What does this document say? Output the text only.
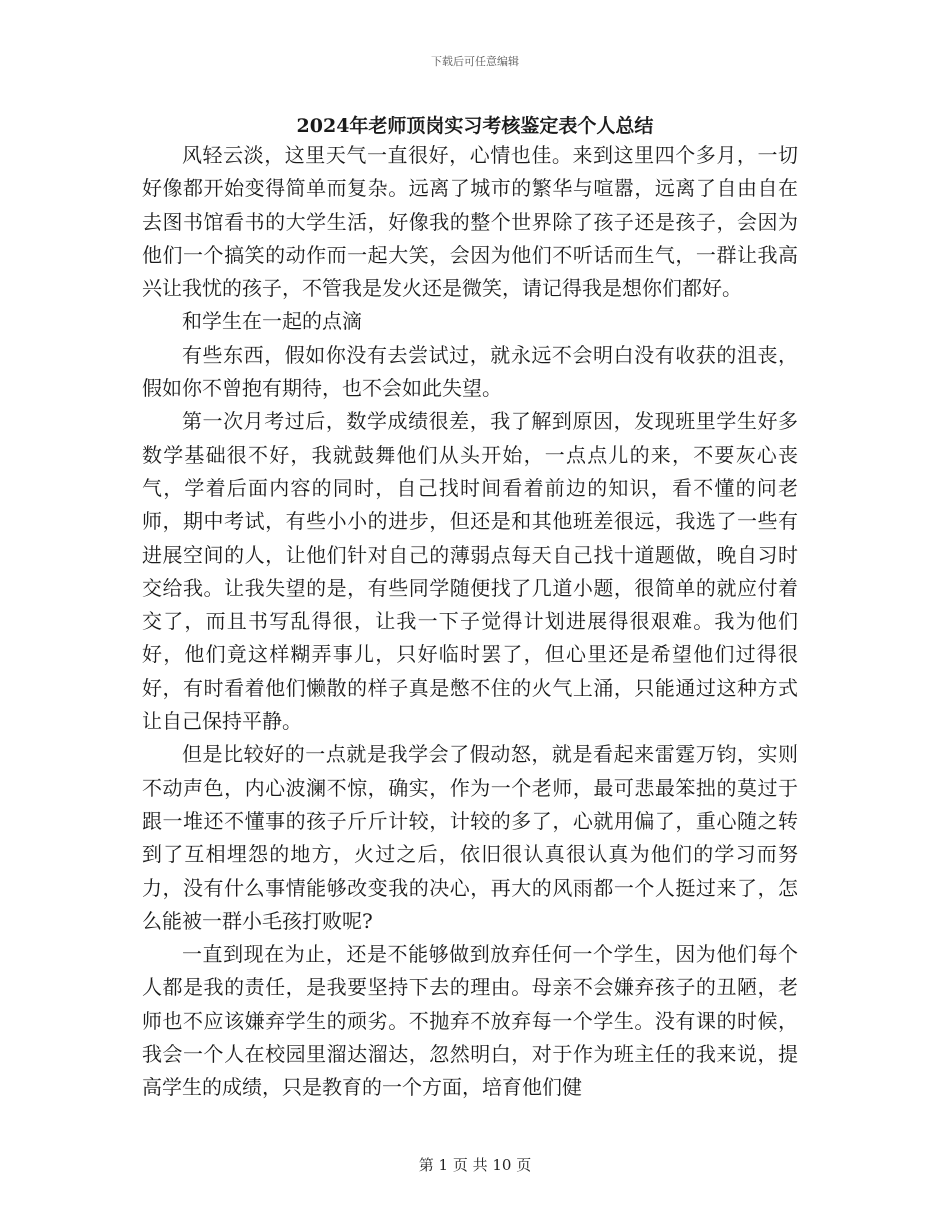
下载后可任意编辑
2024年老师顶岗实习考核鉴定表个人总结

风轻云淡，这里天气一直很好，心情也佳。来到这里四个多月，一切好像都开始变得简单而复杂。远离了城市的繁华与喧嚣，远离了自由自在去图书馆看书的大学生活，好像我的整个世界除了孩子还是孩子，会因为他们一个搞笑的动作而一起大笑，会因为他们不听话而生气，一群让我高兴让我忧的孩子，不管我是发火还是微笑，请记得我是想你们都好。

和学生在一起的点滴

有些东西，假如你没有去尝试过，就永远不会明白没有收获的沮丧，假如你不曾抱有期待，也不会如此失望。

第一次月考过后，数学成绩很差，我了解到原因，发现班里学生好多数学基础很不好，我就鼓舞他们从头开始，一点点儿的来，不要灰心丧气，学着后面内容的同时，自己找时间看着前边的知识，看不懂的问老师，期中考试，有些小小的进步，但还是和其他班差很远，我选了一些有进展空间的人，让他们针对自己的薄弱点每天自己找十道题做，晚自习时交给我。让我失望的是，有些同学随便找了几道小题，很简单的就应付着交了，而且书写乱得很，让我一下子觉得计划进展得很艰难。我为他们好，他们竟这样糊弄事儿，只好临时罢了，但心里还是希望他们过得很好，有时看着他们懒散的样子真是憋不住的火气上涌，只能通过这种方式让自己保持平静。

但是比较好的一点就是我学会了假动怒，就是看起来雷霆万钧，实则不动声色，内心波澜不惊，确实，作为一个老师，最可悲最笨拙的莫过于跟一堆还不懂事的孩子斤斤计较，计较的多了，心就用偏了，重心随之转到了互相埋怨的地方，火过之后，依旧很认真很认真为他们的学习而努力，没有什么事情能够改变我的决心，再大的风雨都一个人挺过来了，怎么能被一群小毛孩打败呢?

一直到现在为止，还是不能够做到放弃任何一个学生，因为他们每个人都是我的责任，是我要坚持下去的理由。母亲不会嫌弃孩子的丑陋，老师也不应该嫌弃学生的顽劣。不抛弃不放弃每一个学生。没有课的时候，我会一个人在校园里溜达溜达，忽然明白，对于作为班主任的我来说，提高学生的成绩，只是教育的一个方面，培育他们健

第 1 页 共 10 页
